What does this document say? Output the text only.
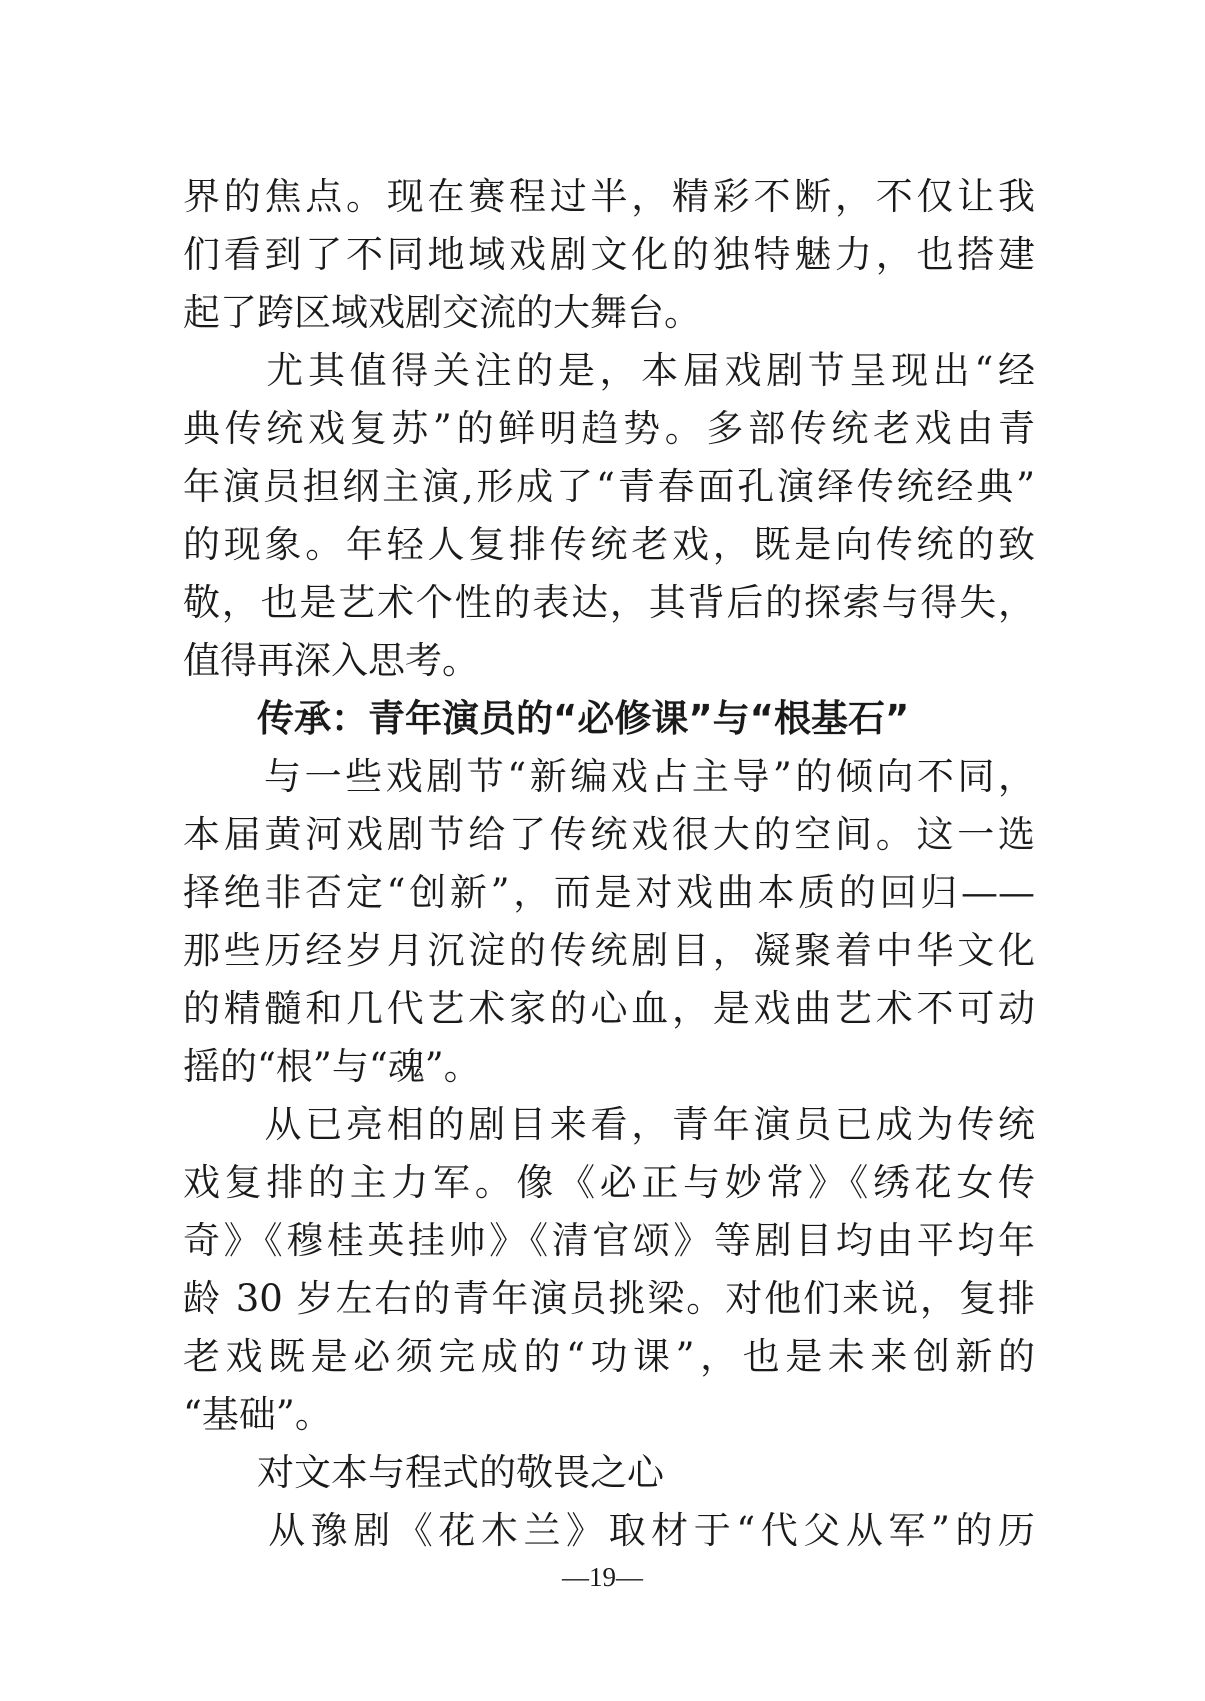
界的焦点。现在赛程过半，精彩不断，不仅让我
们看到了不同地域戏剧文化的独特魅力，也搭建
起了跨区域戏剧交流的大舞台。
　　尤其值得关注的是，本届戏剧节呈现出“经
典传统戏复苏”的鲜明趋势。多部传统老戏由青
年演员担纲主演,形成了“青春面孔演绎传统经典”
的现象。年轻人复排传统老戏，既是向传统的致
敬，也是艺术个性的表达，其背后的探索与得失，
值得再深入思考。
　　传承：青年演员的“必修课”与“根基石”
　　与一些戏剧节“新编戏占主导”的倾向不同，
本届黄河戏剧节给了传统戏很大的空间。这一选
择绝非否定“创新”，而是对戏曲本质的回归——
那些历经岁月沉淀的传统剧目，凝聚着中华文化
的精髓和几代艺术家的心血，是戏曲艺术不可动
摇的“根”与“魂”。
　　从已亮相的剧目来看，青年演员已成为传统
戏复排的主力军。像《必正与妙常》《绣花女传
奇》《穆桂英挂帅》《清官颂》等剧目均由平均年
龄 30 岁左右的青年演员挑梁。对他们来说，复排
老戏既是必须完成的“功课”，也是未来创新的
“基础”。
　　对文本与程式的敬畏之心
　　从豫剧《花木兰》取材于“代父从军”的历
—19—
